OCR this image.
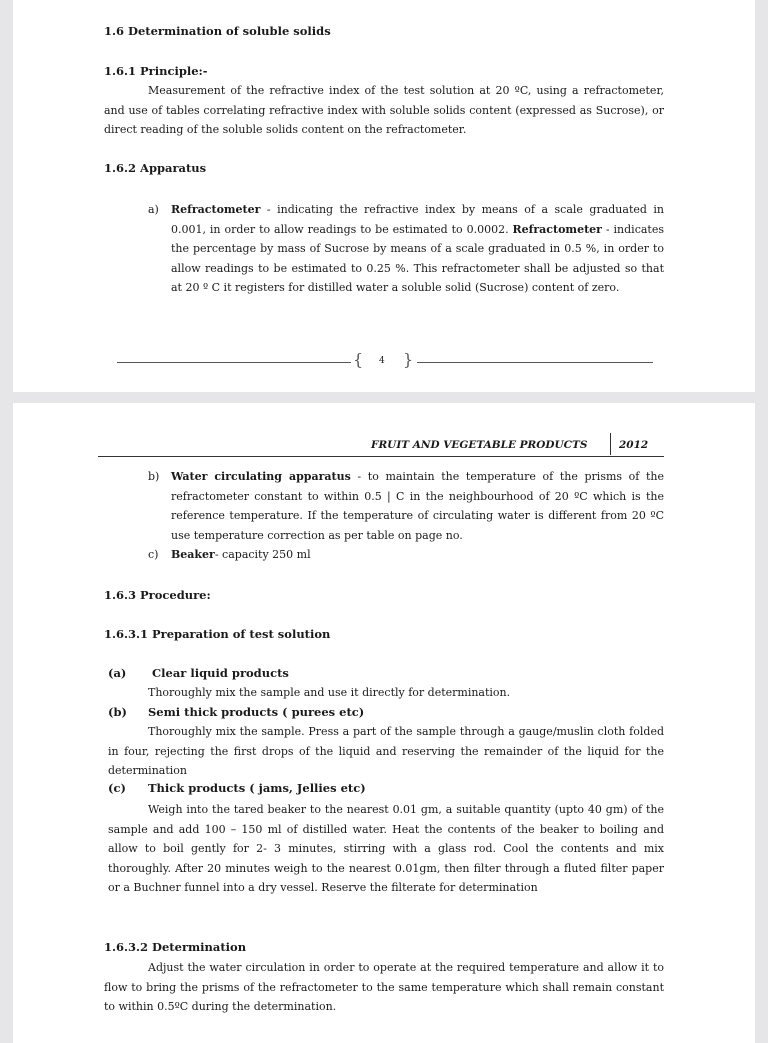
1.6 Determination of soluble solids
1.6.1 Principle:-
Measurement of the refractive index of the test solution at 20 ºC, using a refractometer, and use of tables correlating refractive index with soluble solids content (expressed as Sucrose), or direct reading of the soluble solids content on the refractometer.
1.6.2 Apparatus
a) Refractometer - indicating the refractive index by means of a scale graduated in 0.001, in order to allow readings to be estimated to 0.0002. Refractometer - indicates the percentage by mass of Sucrose by means of a scale graduated in 0.5 %, in order to allow readings to be estimated to 0.25 %. This refractometer shall be adjusted so that at 20 º C it registers for distilled water a soluble solid (Sucrose) content of zero.
{ }
4
FRUIT AND VEGETABLE PRODUCTS	2012
b) Water circulating apparatus - to maintain the temperature of the prisms of the refractometer constant to within 0.5 | C in the neighbourhood of 20 ºC which is the reference temperature. If the temperature of circulating water is different from 20 ºC use temperature correction as per table on page no.
c) Beaker- capacity 250 ml
1.6.3 Procedure:
1.6.3.1 Preparation of test solution
(a) Clear liquid products
Thoroughly mix the sample and use it directly for determination.
(b) Semi thick products ( purees etc)
Thoroughly mix the sample. Press a part of the sample through a gauge/muslin cloth folded in four, rejecting the first drops of the liquid and reserving the remainder of the liquid for the determination
(c) Thick products ( jams, Jellies etc)
Weigh into the tared beaker to the nearest 0.01 gm, a suitable quantity (upto 40 gm) of the sample and add 100 – 150 ml of distilled water. Heat the contents of the beaker to boiling and allow to boil gently for 2- 3 minutes, stirring with a glass rod. Cool the contents and mix thoroughly. After 20 minutes weigh to the nearest 0.01gm, then filter through a fluted filter paper or a Buchner funnel into a dry vessel. Reserve the filterate for determination
1.6.3.2 Determination
Adjust the water circulation in order to operate at the required temperature and allow it to flow to bring the prisms of the refractometer to the same temperature which shall remain constant to within 0.5ºC during the determination.
